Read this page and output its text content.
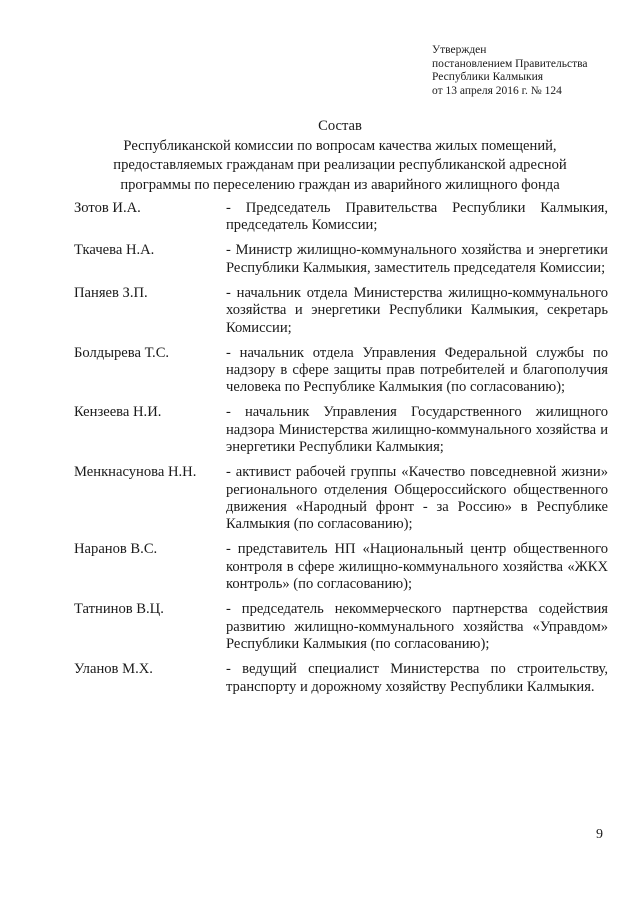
Утвержден
постановлением Правительства
Республики Калмыкия
от 13 апреля 2016 г. № 124
Состав
Республиканской комиссии по вопросам качества жилых помещений,
предоставляемых гражданам при реализации республиканской адресной
программы по переселению граждан из аварийного жилищного фонда
Зотов И.А.	- Председатель Правительства Республики Калмыкия, председатель Комиссии;
Ткачева Н.А.	- Министр жилищно-коммунального хозяйства и энергетики Республики Калмыкия, заместитель председателя Комиссии;
Паняев З.П.	- начальник отдела Министерства жилищно-коммунального хозяйства и энергетики Республики Калмыкия, секретарь Комиссии;
Болдырева Т.С.	- начальник отдела Управления Федеральной службы по надзору в сфере защиты прав потребителей и благополучия человека по Республике Калмыкия (по согласованию);
Кензеева Н.И.	- начальник Управления Государственного жилищного надзора Министерства жилищно-коммунального хозяйства и энергетики Республики Калмыкия;
Менкнасунова Н.Н.	- активист рабочей группы «Качество повседневной жизни» регионального отделения Общероссийского общественного движения «Народный фронт - за Россию» в Республике Калмыкия (по согласованию);
Наранов В.С.	- представитель НП «Национальный центр общественного контроля в сфере жилищно-коммунального хозяйства «ЖКХ контроль» (по согласованию);
Татнинов В.Ц.	- председатель некоммерческого партнерства содействия развитию жилищно-коммунального хозяйства «Управдом» Республики Калмыкия (по согласованию);
Уланов М.Х.	- ведущий специалист Министерства по строительству, транспорту и дорожному хозяйству Республики Калмыкия.
9
